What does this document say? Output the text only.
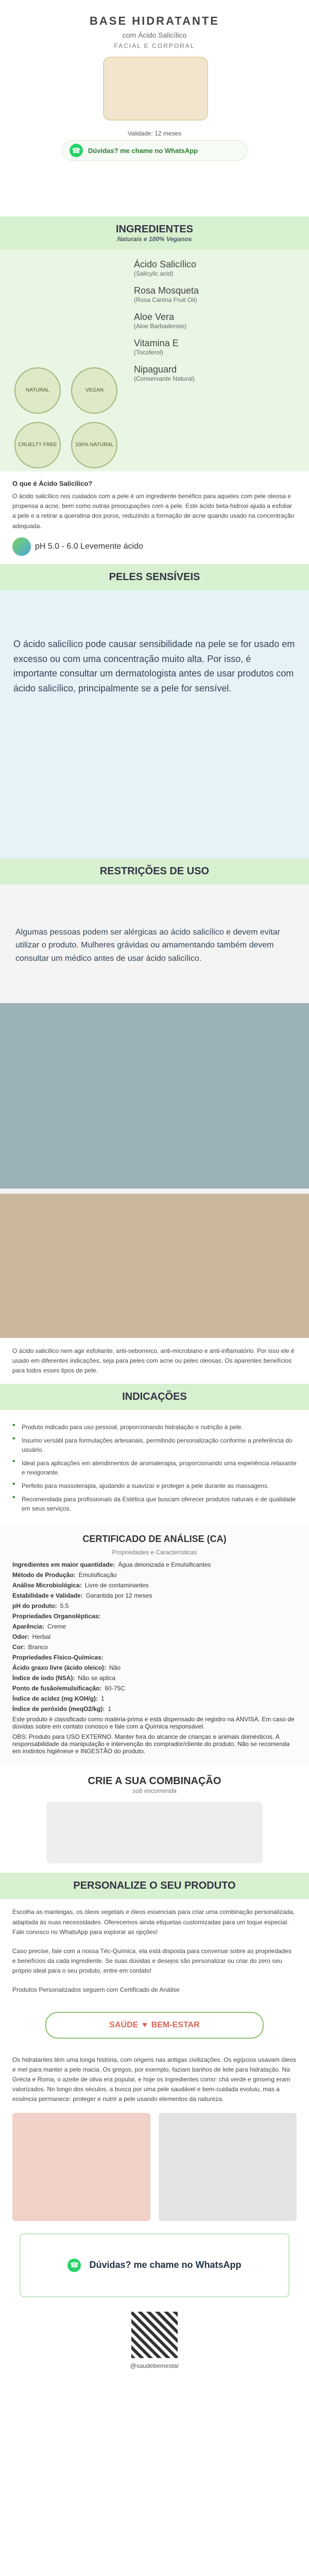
BASE HIDRATANTE
com Ácido Salicílico
FACIAL E CORPORAL
Validade: 12 meses
☎	Dúvidas? me chame no WhatsApp
INGREDIENTES
Naturais e 100% Veganos
Ácido Salicílico
(Salicylic acid)
Rosa Mosqueta
(Rosa Canina Fruit Oil)
Aloe Vera
(Aloe Barbadensis)
Vitamina E
(Tocoferol)
Nipaguard
(Conservante Natural)
NATURAL	VEGAN CRUELTY FREE	100% NATURAL
O que é Ácido Salicílico?
O ácido salicílico nos cuidados com a pele é um ingrediente benéfico para aqueles com pele oleosa e propensa a acne, bem como outras preocupações com a pele. Este ácido beta-hidroxi ajuda a esfoliar a pele e a retirar a queratina dos poros, reduzindo a formação de acne quando usado na concentração adequada.
pH 5.0 - 6.0 Levemente ácido
PELES SENSÍVEIS
O ácido salicílico pode causar sensibilidade na pele se for usado em excesso ou com uma concentração muito alta. Por isso, é importante consultar um dermatologista antes de usar produtos com ácido salicílico, principalmente se a pele for sensível.
RESTRIÇÕES DE USO
Algumas pessoas podem ser alérgicas ao ácido salicílico e devem evitar utilizar o produto. Mulheres grávidas ou amamentando também devem consultar um médico antes de usar ácido salicílico.
O ácido salicílico nem agir esfoliante, anti-seborreico, anti-microbiano e anti-inflamatório. Por isso ele é usado em diferentes indicações, seja para peles com acne ou peles oleosas. Os aparentes benefícios para todos esses tipos de pele.
INDICAÇÕES
• Produto indicado para uso pessoal, proporcionando hidratação e nutrição à pele.
• Insumo versátil para formulações artesanais, permitindo personalização conforme a preferência do usuário.
• Ideal para aplicações em atendimentos de aromaterapia, proporcionando uma experiência relaxante e revigorante.
• Perfeito para massoterapia, ajudando a suavizar e proteger a pele durante as massagens.
• Recomendada para profissionais da Estética que buscam oferecer produtos naturais e de qualidade em seus serviços.
CERTIFICADO DE ANÁLISE (CA)
Propriedades e Características
Ingredientes em maior quantidade: Água deionizada e Emulsificantes
Método de Produção: Emulsificação
Análise Microbiológica: Livre de contaminantes
Estabilidade e Validade: Garantida por 12 meses
pH do produto: 5.5
Propriedades Organolépticas:
Aparência: Creme
Odor: Herbal
Cor: Branco
Propriedades Físico-Químicas:
Ácido graxo livre (ácido oleico): Não
Índice de iodo (NSA): Não se aplica
Ponto de fusão/emulsificação: 60-75C
Índice de acidez (mg KOH/g): 1
Índice de peróxido (meqO2/kg): 1
Este produto é classificado como matéria-prima e está dispensado de registro na ANVISA. Em caso de dúvidas sobre em contato conosco e fale com a Química responsável.
OBS: Produto para USO EXTERNO. Manter fora do alcance de crianças e animais domésticos. A responsabilidade da manipulação e intervenção do comprador/cliente do produto. Não se recomenda em instintos higiênese e INGESTÃO do produto.
CRIE A SUA COMBINAÇÃO
sob encomenda
PERSONALIZE O SEU PRODUTO
Escolha as manteigas, os óleos vegetais e óleos essenciais para criar uma combinação personalizada, adaptada às suas necessidades. Oferecemos ainda etiquetas customizadas para um toque especial. Fale conosco no WhatsApp para explorar as opções!

Caso precise, fale com a nossa Téc-Química, ela está disposta para conversar sobre as propriedades e benefícios da cada ingrediente. Se suas dúvidas e desejos são personalizar ou criar do zero seu próprio ideal para o seu produto, entre em contato!

Produtos Personalizados seguem com Certificado de Análise
SAÚDE ♥ BEM-ESTAR
Os hidratantes têm uma longa história, com origens nas antigas civilizações. Os egípcios usavam óleos e mel para manter a pele macia. Os gregos, por exemplo, faziam banhos de leite para hidratação. Na Grécia e Roma, o azeite de oliva era popular, e hoje os ingredientes como: chá verde e ginseng eram valorizados. No longo dos séculos, a busca por uma pele saudável e bem-cuidada evoluiu, mas a essência permanece: proteger e nutrir a pele usando elementos da natureza.
☎ Dúvidas? me chame no WhatsApp
@saudebemestar
